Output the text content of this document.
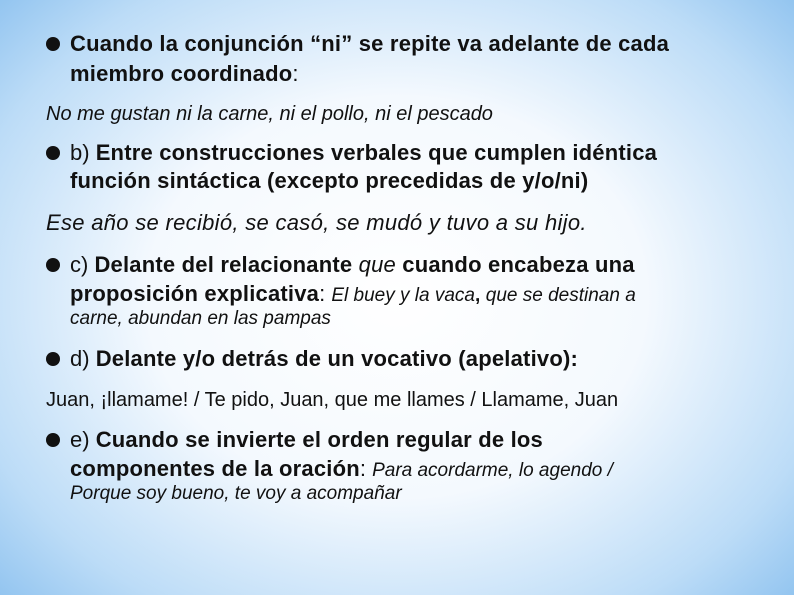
Cuando la conjunción “ni” se repite va adelante de cada
miembro coordinado:
No me gustan ni la carne, ni el pollo, ni el pescado
b) Entre construcciones verbales que cumplen idéntica
función sintáctica (excepto precedidas de y/o/ni)
Ese año se recibió, se casó, se mudó y tuvo a su hijo.
c) Delante del relacionante que cuando encabeza una
proposición explicativa: El buey y la vaca, que se destinan a
carne, abundan en las pampas
d) Delante y/o detrás de un vocativo (apelativo):
Juan, ¡llamame! / Te pido, Juan, que me llames / Llamame, Juan
e) Cuando se invierte el orden regular de los
componentes de la oración: Para acordarme, lo agendo /
Porque soy bueno, te voy a acompañar
